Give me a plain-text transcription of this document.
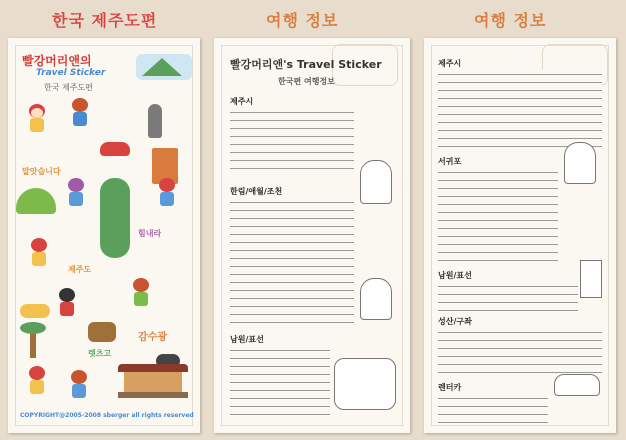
한국 제주도편	여행 정보	여행 정보
빨강머리앤의
Travel Sticker
한국 제주도편
말앗습니다
힘내라
제주도
감수광
렛츠고
COPYRIGHT@2005-2008 sberger all rights reserved
빨강머리앤's Travel Sticker
한국편 여행정보
제주시
한림/애월/조천
남원/표선
제주시
서귀포
남원/표선
성산/구좌
렌터카
